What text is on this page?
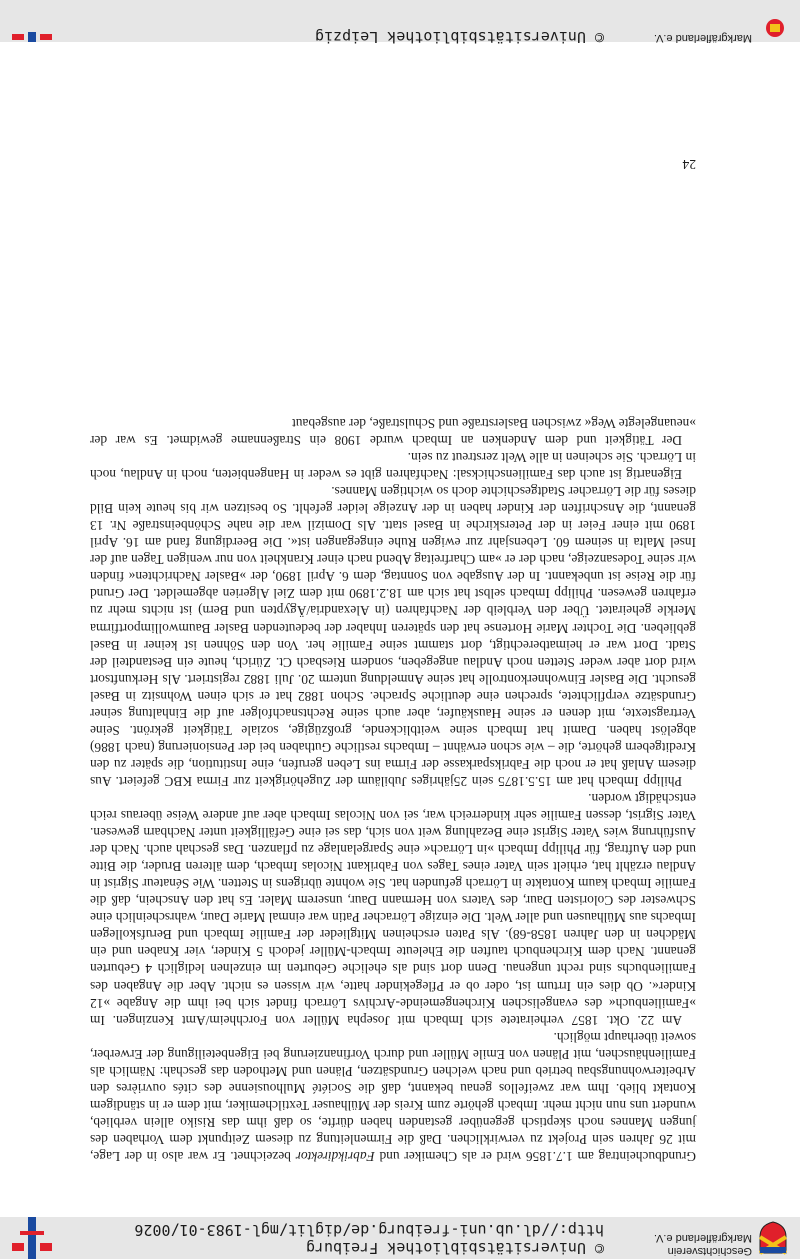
Geschichtsverein
Markgräflerland e.V.
© Universitätsbibliothek Freiburg
http://dl.ub.uni-freiburg.de/diglit/mgl-1983-01/0026

Grundbucheintrag am 1.7.1856 wird er als Chemiker und Fabrikdirektor bezeichnet. Er war also in der Lage, mit 26 Jahren sein Projekt zu verwirklichen. Daß die Firmenleitung zu diesem Zeitpunkt dem Vorhaben des jungen Mannes noch skeptisch gegenüber gestanden haben dürfte, so daß ihm das Risiko allein verblieb, wundert uns nun nicht mehr. Imbach gehörte zum Kreis der Mülhauser Textilchemiker, mit dem er in ständigem Kontakt blieb. Ihm war zweifellos genau bekannt, daß die Société Mulhousienne des cités ouvrières den Arbeiterwohnungsbau betrieb und nach welchen Grundsätzen, Plänen und Methoden das geschah: Nämlich als Familienhäuschen, mit Plänen von Emile Müller und durch Vorfinanzierung bei Eigenbeteiligung der Erwerber, soweit überhaupt möglich.

Am 22. Okt. 1857 verheiratete sich Imbach mit Josepha Müller von Forchheim/Amt Kenzingen. Im »Familienbuch« des evangelischen Kirchengemeinde-Archivs Lörrach findet sich bei ihm die Angabe »12 Kinder«. Ob dies ein Irrtum ist, oder ob er Pflegekinder hatte, wir wissen es nicht. Aber die Angaben des Familienbuchs sind recht ungenau. Denn dort sind als eheliche Geburten im einzelnen lediglich 4 Geburten genannt. Nach dem Kirchenbuch tauften die Eheleute Imbach-Müller jedoch 5 Kinder, vier Knaben und ein Mädchen in den Jahren 1858-68). Als Paten erscheinen Mitglieder der Familie Imbach und Berufskollegen Imbachs aus Mülhausen und aller Welt. Die einzige Lörracher Patin war einmal Marie Daur, wahrscheinlich eine Schwester des Coloristen Daur, des Vaters von Hermann Daur, unserem Maler. Es hat den Anschein, daß die Familie Imbach kaum Kontakte in Lörrach gefunden hat. Sie wohnte übrigens in Stetten. Wie Sénateur Sigrist in Andlau erzählt hat, erhielt sein Vater eines Tages von Fabrikant Nicolas Imbach, dem älteren Bruder, die Bitte und den Auftrag, für Philipp Imbach »in Lörrach« eine Spargelanlage zu pflanzen. Das geschah auch. Nach der Ausführung wies Vater Sigrist eine Bezahlung weit von sich, das sei eine Gefälligkeit unter Nachbarn gewesen. Vater Sigrist, dessen Familie sehr kinderreich war, sei von Nicolas Imbach aber auf andere Weise überaus reich entschädigt worden.

Philipp Imbach hat am 15.5.1875 sein 25jähriges Jubiläum der Zugehörigkeit zur Firma KBC gefeiert. Aus diesem Anlaß hat er noch die Fabriksparkasse der Firma ins Leben gerufen, eine Institution, die später zu den Kreditgebern gehörte, die – wie schon erwähnt – Imbachs restliche Guthaben bei der Pensionierung (nach 1886) abgelöst haben. Damit hat Imbach seine weitblickende, großzügige, soziale Tätigkeit gekrönt. Seine Vertragstexte, mit denen er seine Hauskäufer, aber auch seine Rechtsnachfolger auf die Einhaltung seiner Grundsätze verpflichtete, sprechen eine deutliche Sprache. Schon 1882 hat er sich einen Wohnsitz in Basel gesucht. Die Basler Einwohnerkontrolle hat seine Anmeldung unterm 20. Juli 1882 registriert. Als Herkunftsort wird dort aber weder Stetten noch Andlau angegeben, sondern Riesbach Ct. Zürich, heute ein Bestandteil der Stadt. Dort war er heimatberechtigt, dort stammt seine Familie her. Von den Söhnen ist keiner in Basel geblieben. Die Tochter Marie Hortense hat den späteren Inhaber der bedeutenden Basler Baumwollimportfirma Merkle geheiratet. Über den Verbleib der Nachfahren (in Alexandria/Ägypten und Bern) ist nichts mehr zu erfahren gewesen. Philipp Imbach selbst hat sich am 18.2.1890 mit dem Ziel Algerien abgemeldet. Der Grund für die Reise ist unbekannt. In der Ausgabe von Sonntag, dem 6. April 1890, der »Basler Nachrichten« finden wir seine Todesanzeige, nach der er »am Charfreitag Abend nach einer Krankheit von nur wenigen Tagen auf der Insel Malta in seinem 60. Lebensjahr zur ewigen Ruhe eingegangen ist«. Die Beerdigung fand am 16. April 1890 mit einer Feier in der Peterskirche in Basel statt. Als Domizil war die nahe Schönbeinstraße Nr. 13 genannt, die Anschriften der Kinder haben in der Anzeige leider gefehlt. So besitzen wir bis heute kein Bild dieses für die Lörracher Stadtgeschichte doch so wichtigen Mannes.

Eigenartig ist auch das Familienschicksal: Nachfahren gibt es weder in Hangenbieten, noch in Andlau, noch in Lörrach. Sie scheinen in alle Welt zerstreut zu sein.

Der Tätigkeit und dem Andenken an Imbach wurde 1908 ein Straßenname gewidmet. Es war der »neuangelegte Weg« zwischen Baslerstraße und Schulstraße, der ausgebaut

24
Markgräflerland e.V.
© Universitätsbibliothek Leipzig
